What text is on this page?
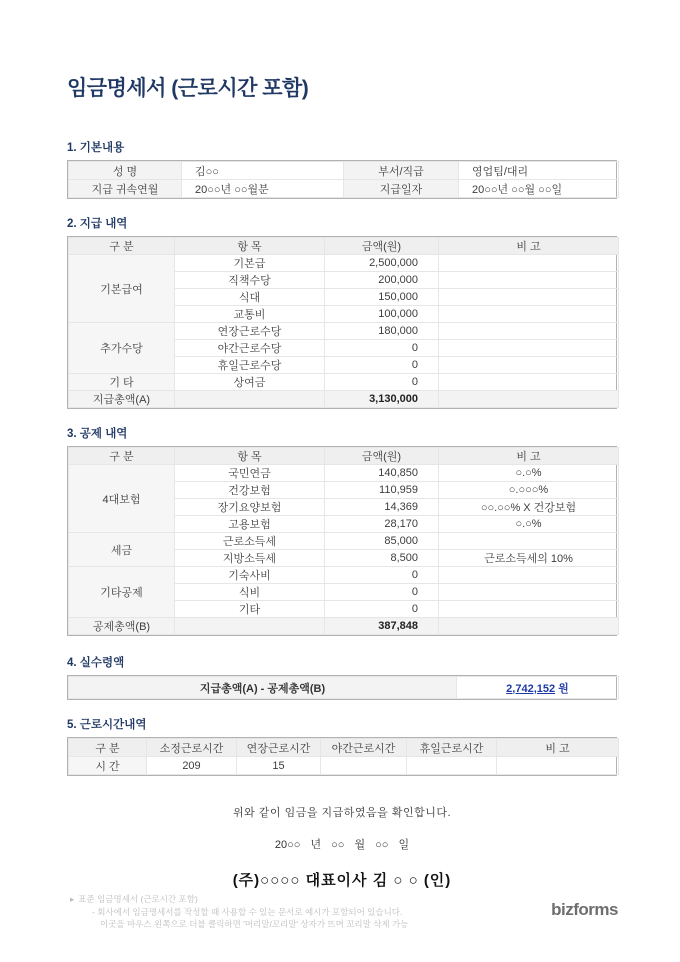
임금명세서 (근로시간 포함)
1. 기본내용
성 명	김○○	부서/직급	영업팀/대리
지급 귀속연월	20○○년 ○○월분	지급일자	20○○년 ○○월 ○○일
2. 지급 내역
구 분	항 목	금액(원)	비 고
기본급여	기본급	2,500,000	
	직책수당	200,000	
	식대	150,000	
	교통비	100,000	
추가수당	연장근로수당	180,000	
	야간근로수당	0	
	휴일근로수당	0	
기 타	상여금	0	
지급총액(A)		3,130,000	
3. 공제 내역
구 분	항 목	금액(원)	비 고
4대보험	국민연금	140,850	○.○%
	건강보험	110,959	○.○○○%
	장기요양보험	14,369	○○.○○% X 건강보험
	고용보험	28,170	○.○%
세금	근로소득세	85,000	
	지방소득세	8,500	근로소득세의 10%
기타공제	기숙사비	0	
	식비	0	
	기타	0	
공제총액(B)		387,848	
4. 실수령액
지급총액(A) - 공제총액(B)	2,742,152 원
5. 근로시간내역
구 분	소정근로시간	연장근로시간	야간근로시간	휴일근로시간	비 고
시 간	209	15			
위와 같이 임금을 지급하였음을 확인합니다.
20○○ 년 ○○ 월 ○○ 일
(주)○○○○ 대표이사 김 ○ ○ (인)
▸ 표준 임금명세서 (근로시간 포함)
- 회사에서 임금명세서를 작성할 때 사용할 수 있는 문서로 예시가 포함되어 있습니다.
이곳을 마우스 왼쪽으로 더블 클릭하면 '머리말/꼬리말' 상자가 뜨며 꼬리말 삭제 가능
bizforms
